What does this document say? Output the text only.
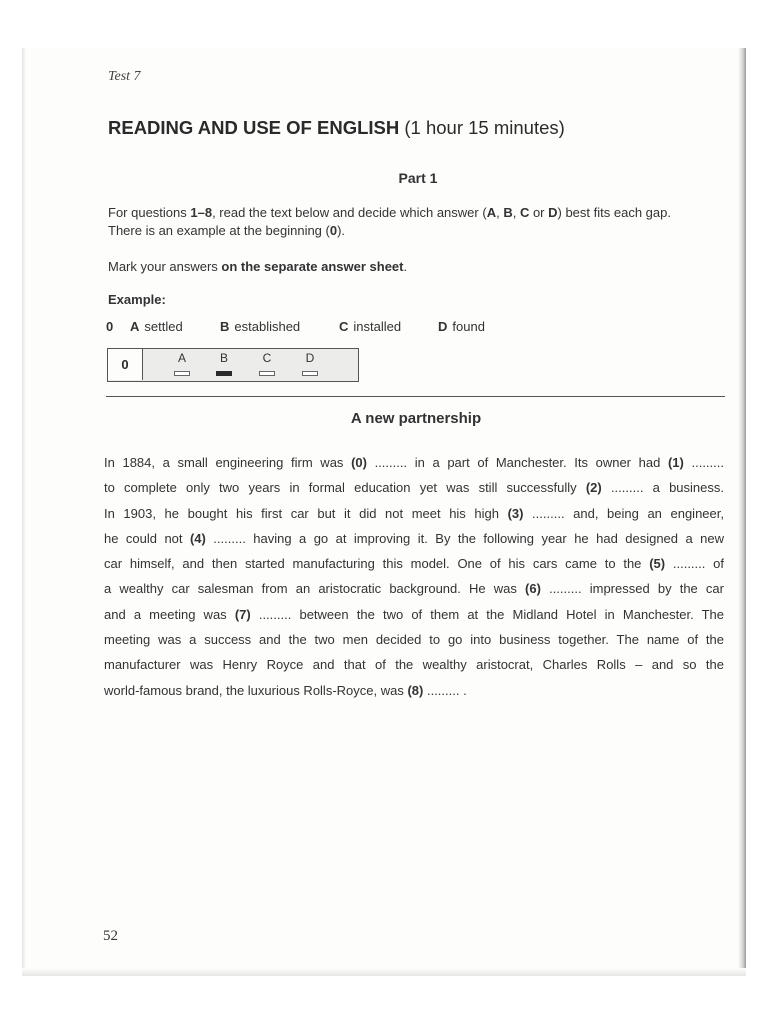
Test 7
READING AND USE OF ENGLISH (1 hour 15 minutes)
Part 1
For questions 1–8, read the text below and decide which answer (A, B, C or D) best fits each gap.
There is an example at the beginning (0).
Mark your answers on the separate answer sheet.
Example:
0	A settled	B established	C installed	D found
0	A	B	C	D
A new partnership
In 1884, a small engineering firm was (0) ......... in a part of Manchester. Its owner had (1) .........
to complete only two years in formal education yet was still successfully (2) ......... a business.
In 1903, he bought his first car but it did not meet his high (3) ......... and, being an engineer,
he could not (4) ......... having a go at improving it. By the following year he had designed a new
car himself, and then started manufacturing this model. One of his cars came to the (5) ......... of
a wealthy car salesman from an aristocratic background. He was (6) ......... impressed by the car
and a meeting was (7) ......... between the two of them at the Midland Hotel in Manchester. The
meeting was a success and the two men decided to go into business together. The name of the
manufacturer was Henry Royce and that of the wealthy aristocrat, Charles Rolls – and so the
world-famous brand, the luxurious Rolls-Royce, was (8) ......... .
52
